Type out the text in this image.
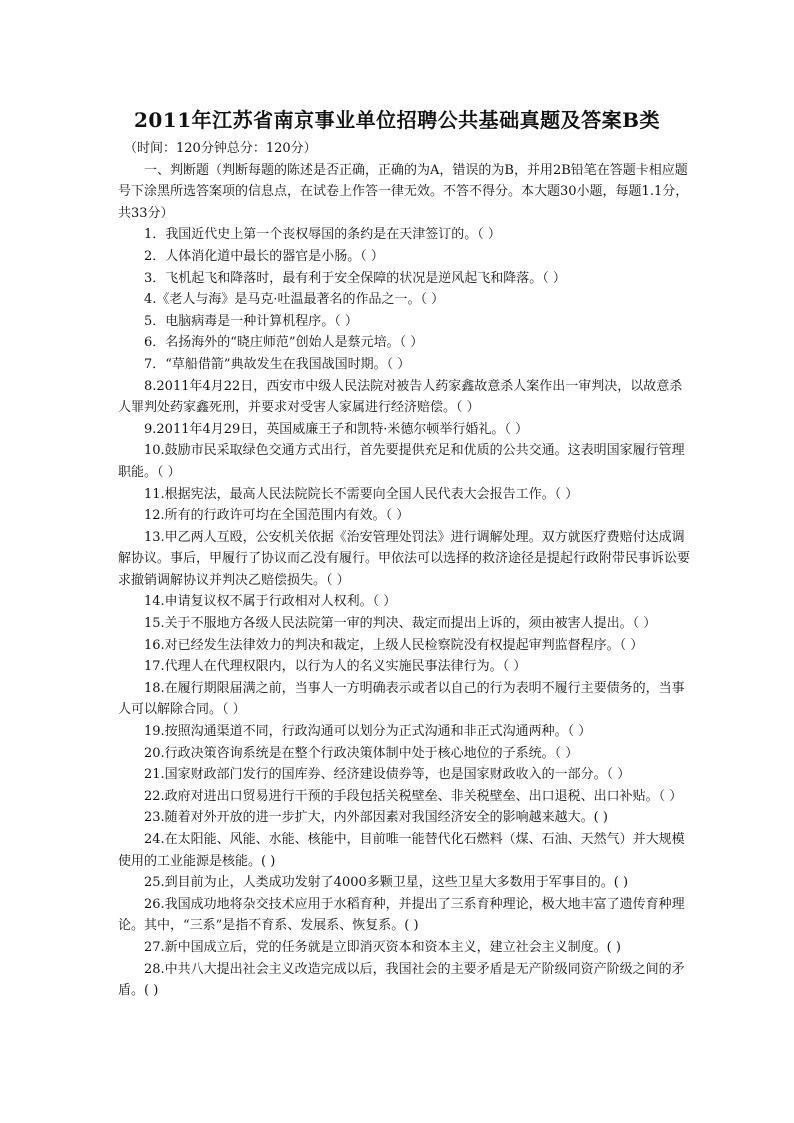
2011年江苏省南京事业单位招聘公共基础真题及答案B类

（时间：120分钟总分：120分）

一、判断题（判断每题的陈述是否正确，正确的为A，错误的为B，并用2B铅笔在答题卡相应题号下涂黑所选答案项的信息点，在试卷上作答一律无效。不答不得分。本大题30小题，每题1.1分，共33分）

1．我国近代史上第一个丧权辱国的条约是在天津签订的。（ ）

2．人体消化道中最长的器官是小肠。（ ）

3．飞机起飞和降落时，最有利于安全保障的状况是逆风起飞和降落。（ ）

4.《老人与海》是马克·吐温最著名的作品之一。（ ）

5．电脑病毒是一种计算机程序。（ ）

6．名扬海外的“晓庄师范”创始人是蔡元培。（ ）

7．“草船借箭”典故发生在我国战国时期。（ ）

8.2011年4月22日，西安市中级人民法院对被告人药家鑫故意杀人案作出一审判决，以故意杀人罪判处药家鑫死刑，并要求对受害人家属进行经济赔偿。（ ）

9.2011年4月29日，英国威廉王子和凯特·米德尔顿举行婚礼。（ ）

10.鼓励市民采取绿色交通方式出行，首先要提供充足和优质的公共交通。这表明国家履行管理职能。（ ）

11.根据宪法，最高人民法院院长不需要向全国人民代表大会报告工作。（ ）

12.所有的行政许可均在全国范围内有效。（ ）

13.甲乙两人互殴，公安机关依据《治安管理处罚法》进行调解处理。双方就医疗费赔付达成调解协议。事后，甲履行了协议而乙没有履行。甲依法可以选择的救济途径是提起行政附带民事诉讼要求撤销调解协议并判决乙赔偿损失。（ ）

14.申请复议权不属于行政相对人权利。（ ）

15.关于不服地方各级人民法院第一审的判决、裁定而提出上诉的，须由被害人提出。（ ）

16.对已经发生法律效力的判决和裁定，上级人民检察院没有权提起审判监督程序。（ ）

17.代理人在代理权限内，以行为人的名义实施民事法律行为。（ ）

18.在履行期限届满之前，当事人一方明确表示或者以自己的行为表明不履行主要债务的，当事人可以解除合同。（ ）

19.按照沟通渠道不同，行政沟通可以划分为正式沟通和非正式沟通两种。（ ）

20.行政决策咨询系统是在整个行政决策体制中处于核心地位的子系统。（ ）

21.国家财政部门发行的国库券、经济建设债券等，也是国家财政收入的一部分。（ ）

22.政府对进出口贸易进行干预的手段包括关税壁垒、非关税壁垒、出口退税、出口补贴。（ ）

23.随着对外开放的进一步扩大，内外部因素对我国经济安全的影响越来越大。( )

24.在太阳能、风能、水能、核能中，目前唯一能替代化石燃料（煤、石油、天然气）并大规模使用的工业能源是核能。( )

25.到目前为止，人类成功发射了4000多颗卫星，这些卫星大多数用于军事目的。( )

26.我国成功地将杂交技术应用于水稻育种，并提出了三系育种理论，极大地丰富了遗传育种理论。其中，“三系”是指不育系、发展系、恢复系。( )

27.新中国成立后，党的任务就是立即消灭资本和资本主义，建立社会主义制度。( )

28.中共八大提出社会主义改造完成以后，我国社会的主要矛盾是无产阶级同资产阶级之间的矛盾。( )
